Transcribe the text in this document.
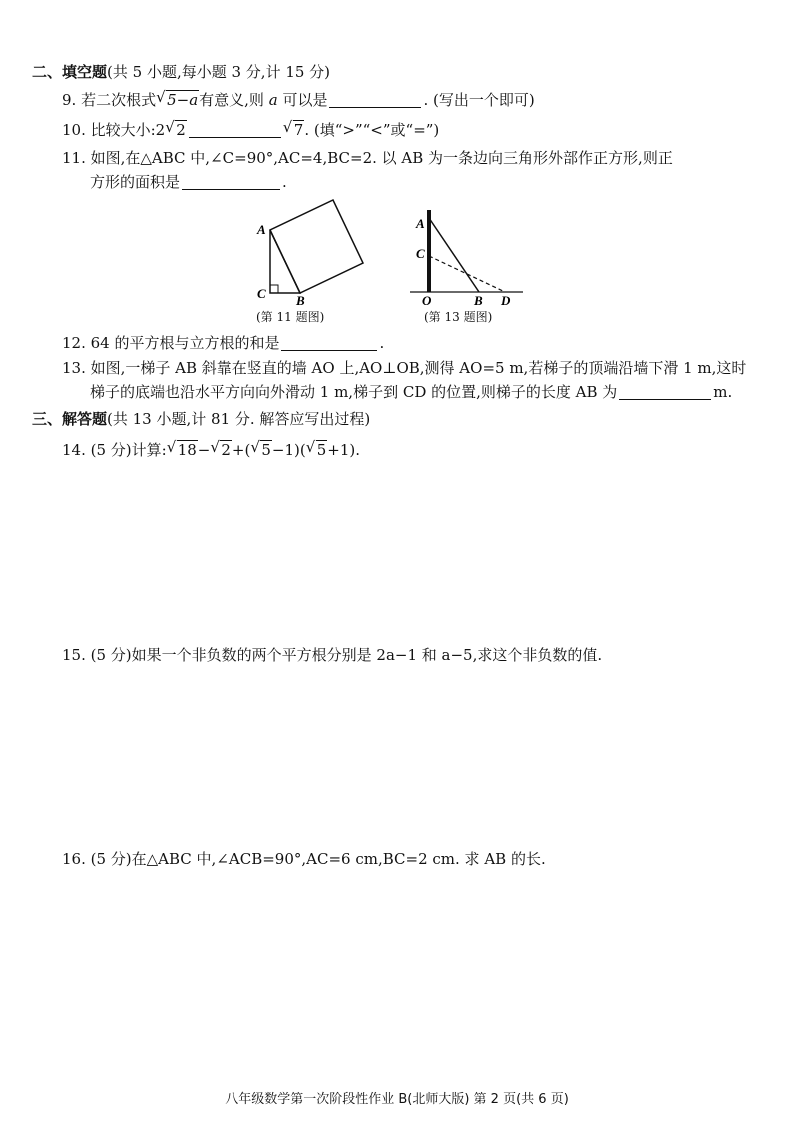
二、填空题(共 5 小题,每小题 3 分,计 15 分)
9. 若二次根式 √ 5−a有意义,则 a 可以是	. (写出一个即可)
10. 比较大小:2 √ 2	√ 7. (填“>”“<”或“=”)
11. 如图,在△ABC 中,∠C=90°,AC=4,BC=2. 以 AB 为一条边向三角形外部作正方形,则正
方形的面积是	.
A
C B
(第 11 题图)
A
C
O	B D
(第 13 题图)
12. 64 的平方根与立方根的和是	.
13. 如图,一梯子 AB 斜靠在竖直的墙 AO 上,AO⊥OB,测得 AO=5 m,若梯子的顶端沿墙下滑 1 m,这时
梯子的底端也沿水平方向向外滑动 1 m,梯子到 CD 的位置,则梯子的长度 AB 为	m.
三、解答题(共 13 小题,计 81 分. 解答应写出过程)
14. (5 分)计算: √ 18− √ 2+( √ 5−1)( √ 5+1).
15. (5 分)如果一个非负数的两个平方根分别是 2a−1 和 a−5,求这个非负数的值.
16. (5 分)在△ABC 中,∠ACB=90°,AC=6 cm,BC=2 cm. 求 AB 的长.
八年级数学第一次阶段性作业 B(北师大版) 第 2 页(共 6 页)
